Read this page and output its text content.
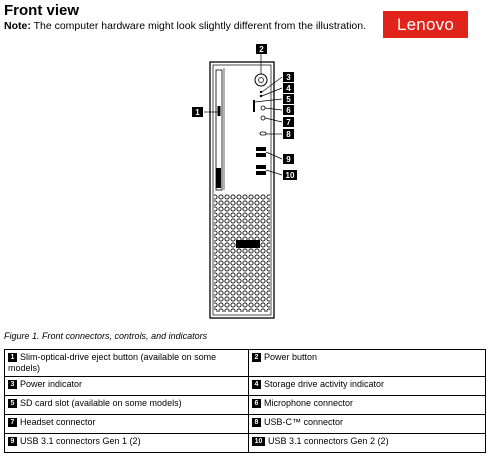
Front view
Note: The computer hardware might look slightly different from the illustration.	Lenovo
1
2
3
4
5
6
7
8
9
10
Figure 1. Front connectors, controls, and indicators
1 Slim-optical-drive eject button (available on some models)	2 Power button
3 Power indicator	4 Storage drive activity indicator
5 SD card slot (available on some models)	6 Microphone connector
7 Headset connector	8 USB-C™ connector
9 USB 3.1 connectors Gen 1 (2)	10 USB 3.1 connectors Gen 2 (2)
